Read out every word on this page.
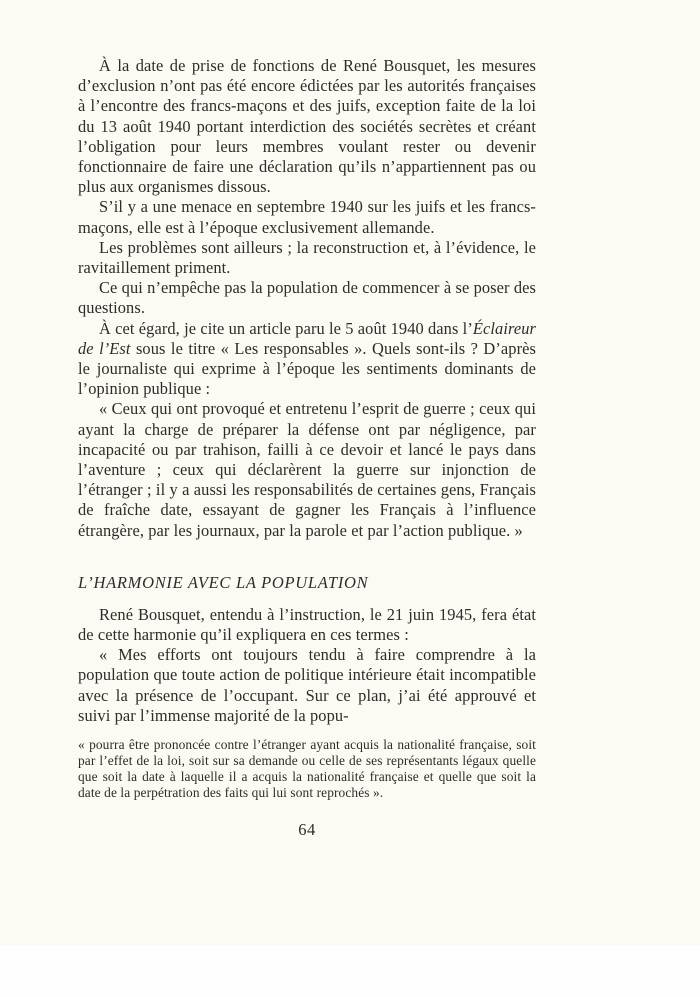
À la date de prise de fonctions de René Bousquet, les mesures d’exclusion n’ont pas été encore édictées par les autorités françaises à l’encontre des francs-maçons et des juifs, exception faite de la loi du 13 août 1940 portant interdiction des sociétés secrètes et créant l’obligation pour leurs membres voulant rester ou devenir fonctionnaire de faire une déclaration qu’ils n’appartiennent pas ou plus aux organismes dissous.

S’il y a une menace en septembre 1940 sur les juifs et les francs-maçons, elle est à l’époque exclusivement allemande.

Les problèmes sont ailleurs ; la reconstruction et, à l’évidence, le ravitaillement priment.

Ce qui n’empêche pas la population de commencer à se poser des questions.

À cet égard, je cite un article paru le 5 août 1940 dans l’Éclaireur de l’Est sous le titre « Les responsables ». Quels sont-ils ? D’après le journaliste qui exprime à l’époque les sentiments dominants de l’opinion publique :

« Ceux qui ont provoqué et entretenu l’esprit de guerre ; ceux qui ayant la charge de préparer la défense ont par négligence, par incapacité ou par trahison, failli à ce devoir et lancé le pays dans l’aventure ; ceux qui déclarèrent la guerre sur injonction de l’étranger ; il y a aussi les responsabilités de certaines gens, Français de fraîche date, essayant de gagner les Français à l’influence étrangère, par les journaux, par la parole et par l’action publique. »

L’HARMONIE AVEC LA POPULATION

René Bousquet, entendu à l’instruction, le 21 juin 1945, fera état de cette harmonie qu’il expliquera en ces termes :

« Mes efforts ont toujours tendu à faire comprendre à la population que toute action de politique intérieure était incompatible avec la présence de l’occupant. Sur ce plan, j’ai été approuvé et suivi par l’immense majorité de la popu-

« pourra être prononcée contre l’étranger ayant acquis la nationalité française, soit par l’effet de la loi, soit sur sa demande ou celle de ses représentants légaux quelle que soit la date à laquelle il a acquis la nationalité française et quelle que soit la date de la perpétration des faits qui lui sont reprochés ».
64
